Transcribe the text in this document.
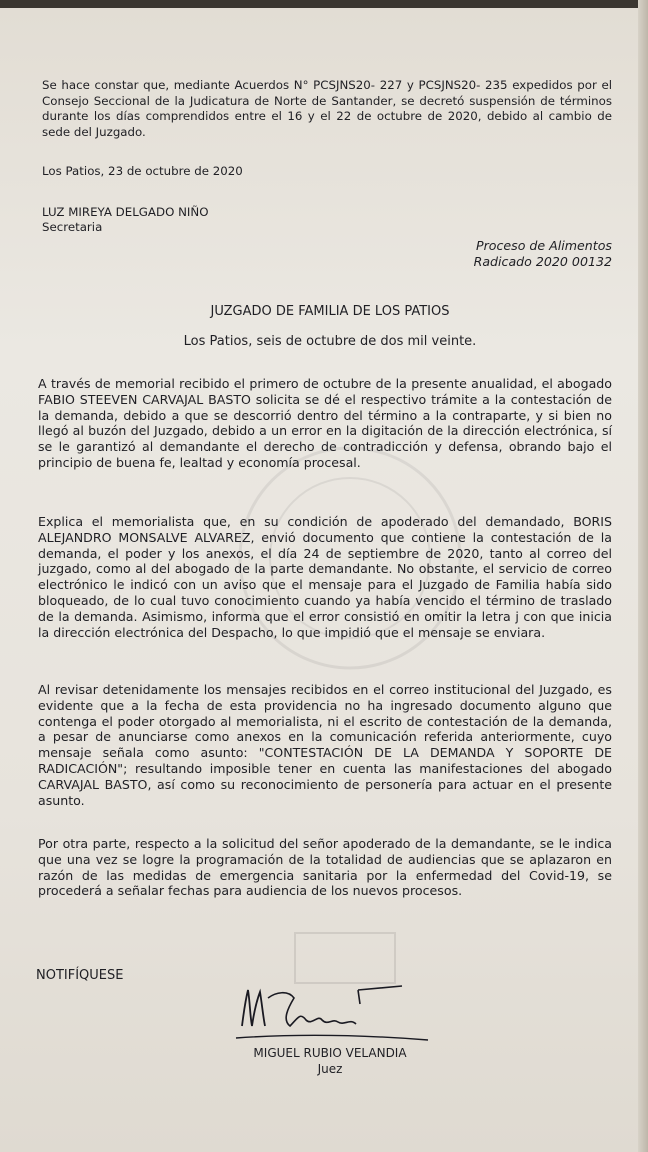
Se hace constar que, mediante Acuerdos N° PCSJNS20- 227 y PCSJNS20- 235 expedidos por el Consejo Seccional de la Judicatura de Norte de Santander, se decretó suspensión de términos durante los días comprendidos entre el 16 y el 22 de octubre de 2020, debido al cambio de sede del Juzgado.
Los Patios, 23 de octubre de 2020
LUZ MIREYA DELGADO NIÑO
Secretaria
Proceso de Alimentos
Radicado 2020 00132
JUZGADO DE FAMILIA DE LOS PATIOS
Los Patios, seis de octubre de dos mil veinte.
A través de memorial recibido el primero de octubre de la presente anualidad, el abogado FABIO STEEVEN CARVAJAL BASTO solicita se dé el respectivo trámite a la contestación de la demanda, debido a que se descorrió dentro del término a la contraparte, y si bien no llegó al buzón del Juzgado, debido a un error en la digitación de la dirección electrónica, sí se le garantizó al demandante el derecho de contradicción y defensa, obrando bajo el principio de buena fe, lealtad y economía procesal.
Explica el memorialista que, en su condición de apoderado del demandado, BORIS ALEJANDRO MONSALVE ALVAREZ, envió documento que contiene la contestación de la demanda, el poder y los anexos, el día 24 de septiembre de 2020, tanto al correo del juzgado, como al del abogado de la parte demandante. No obstante, el servicio de correo electrónico le indicó con un aviso que el mensaje para el Juzgado de Familia había sido bloqueado, de lo cual tuvo conocimiento cuando ya había vencido el término de traslado de la demanda. Asimismo, informa que el error consistió en omitir la letra j con que inicia la dirección electrónica del Despacho, lo que impidió que el mensaje se enviara.
Al revisar detenidamente los mensajes recibidos en el correo institucional del Juzgado, es evidente que a la fecha de esta providencia no ha ingresado documento alguno que contenga el poder otorgado al memorialista, ni el escrito de contestación de la demanda, a pesar de anunciarse como anexos en la comunicación referida anteriormente, cuyo mensaje señala como asunto: "CONTESTACIÓN DE LA DEMANDA Y SOPORTE DE RADICACIÓN"; resultando imposible tener en cuenta las manifestaciones del abogado CARVAJAL BASTO, así como su reconocimiento de personería para actuar en el presente asunto.
Por otra parte, respecto a la solicitud del señor apoderado de la demandante, se le indica que una vez se logre la programación de la totalidad de audiencias que se aplazaron en razón de las medidas de emergencia sanitaria por la enfermedad del Covid-19, se procederá a señalar fechas para audiencia de los nuevos procesos.
NOTIFÍQUESE
MIGUEL RUBIO VELANDIA
Juez
